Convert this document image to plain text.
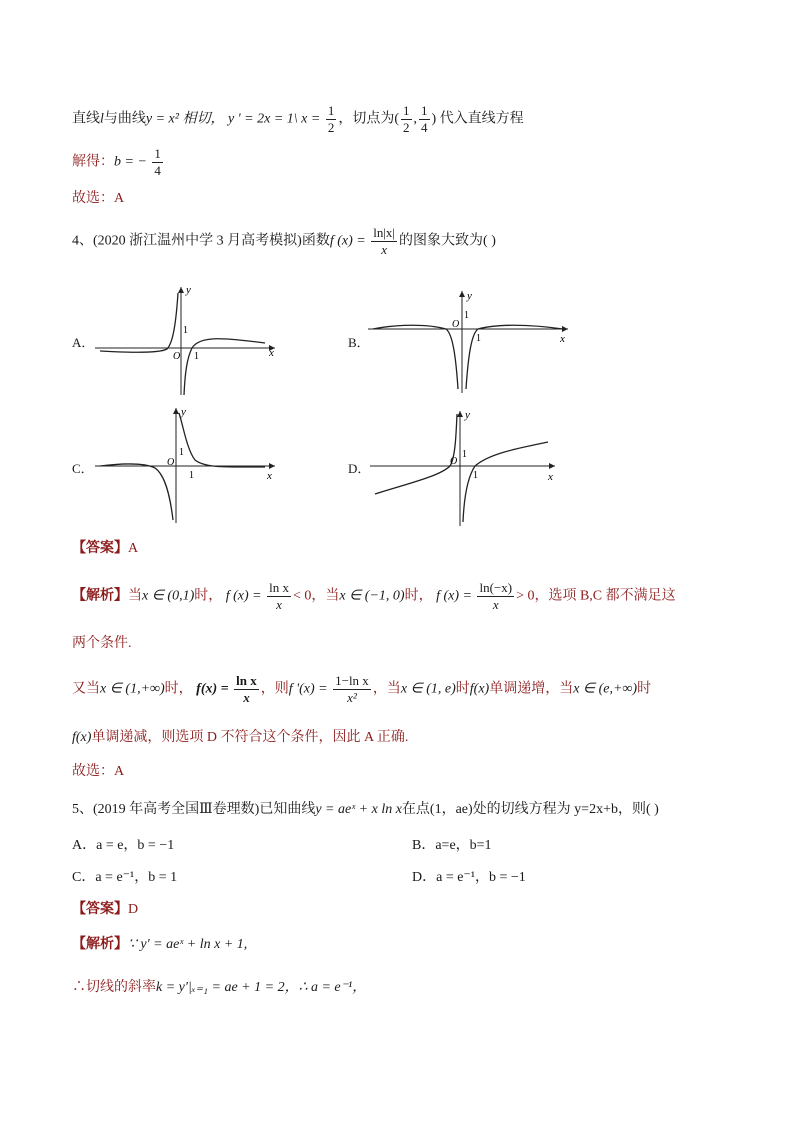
直线l与曲线y = x² 相切， y ' = 2x = 1\ $x = \frac{1}{2}$ ，切点为( $\frac{1}{2}$ , $\frac{1}{4}$ ) 代入直线方程
解得：b = − $\frac{1}{4}$
故选：A
4、(2020 浙江温州中学 3 月高考模拟)函数f $(x) = \frac{\ln|x|}{x}$ 的图象大致为( )
A．	B．
C．	D．
x
y
O 1
1
x
y
O
1
1
x
y
O
1
1
x
y
O
1
1
【答案】A
【解析】当x ∈ (0,1)时， f $(x) = \frac{\text{ln x}}{x} < 0$，当x ∈ (−1, 0)时， f $(x) = \frac{\ln(-x)}{x} > 0$，选项 B,C 都不满足这
两个条件.
又当x ∈ (1,+∞)时， $f(x) = \frac{\text{ln x}}{x}$ ，则f '$(x) = \frac{\text{1−ln x}}{\text{x²}}$ ，当x ∈ (1, e)时f(x)单调递增，当x ∈ (e,+∞)时
f(x)单调递减，则选项 D 不符合这个条件，因此 A 正确.
故选：A
5、(2019 年高考全国Ⅲ卷理数)已知曲线y = aeˣ + x ln x在点(1，ae)处的切线方程为 y=2x+b，则( )
A．a = e，b = −1	B．a=e，b=1
C．a = e⁻¹，b = 1	D．a = e⁻¹，b = −1
【答案】D
【解析】∵ y′ = aeˣ + ln x + 1,
∴切线的斜率k = y′|ₓ₌₁ = ae + 1 = 2，∴ a = e⁻¹，
